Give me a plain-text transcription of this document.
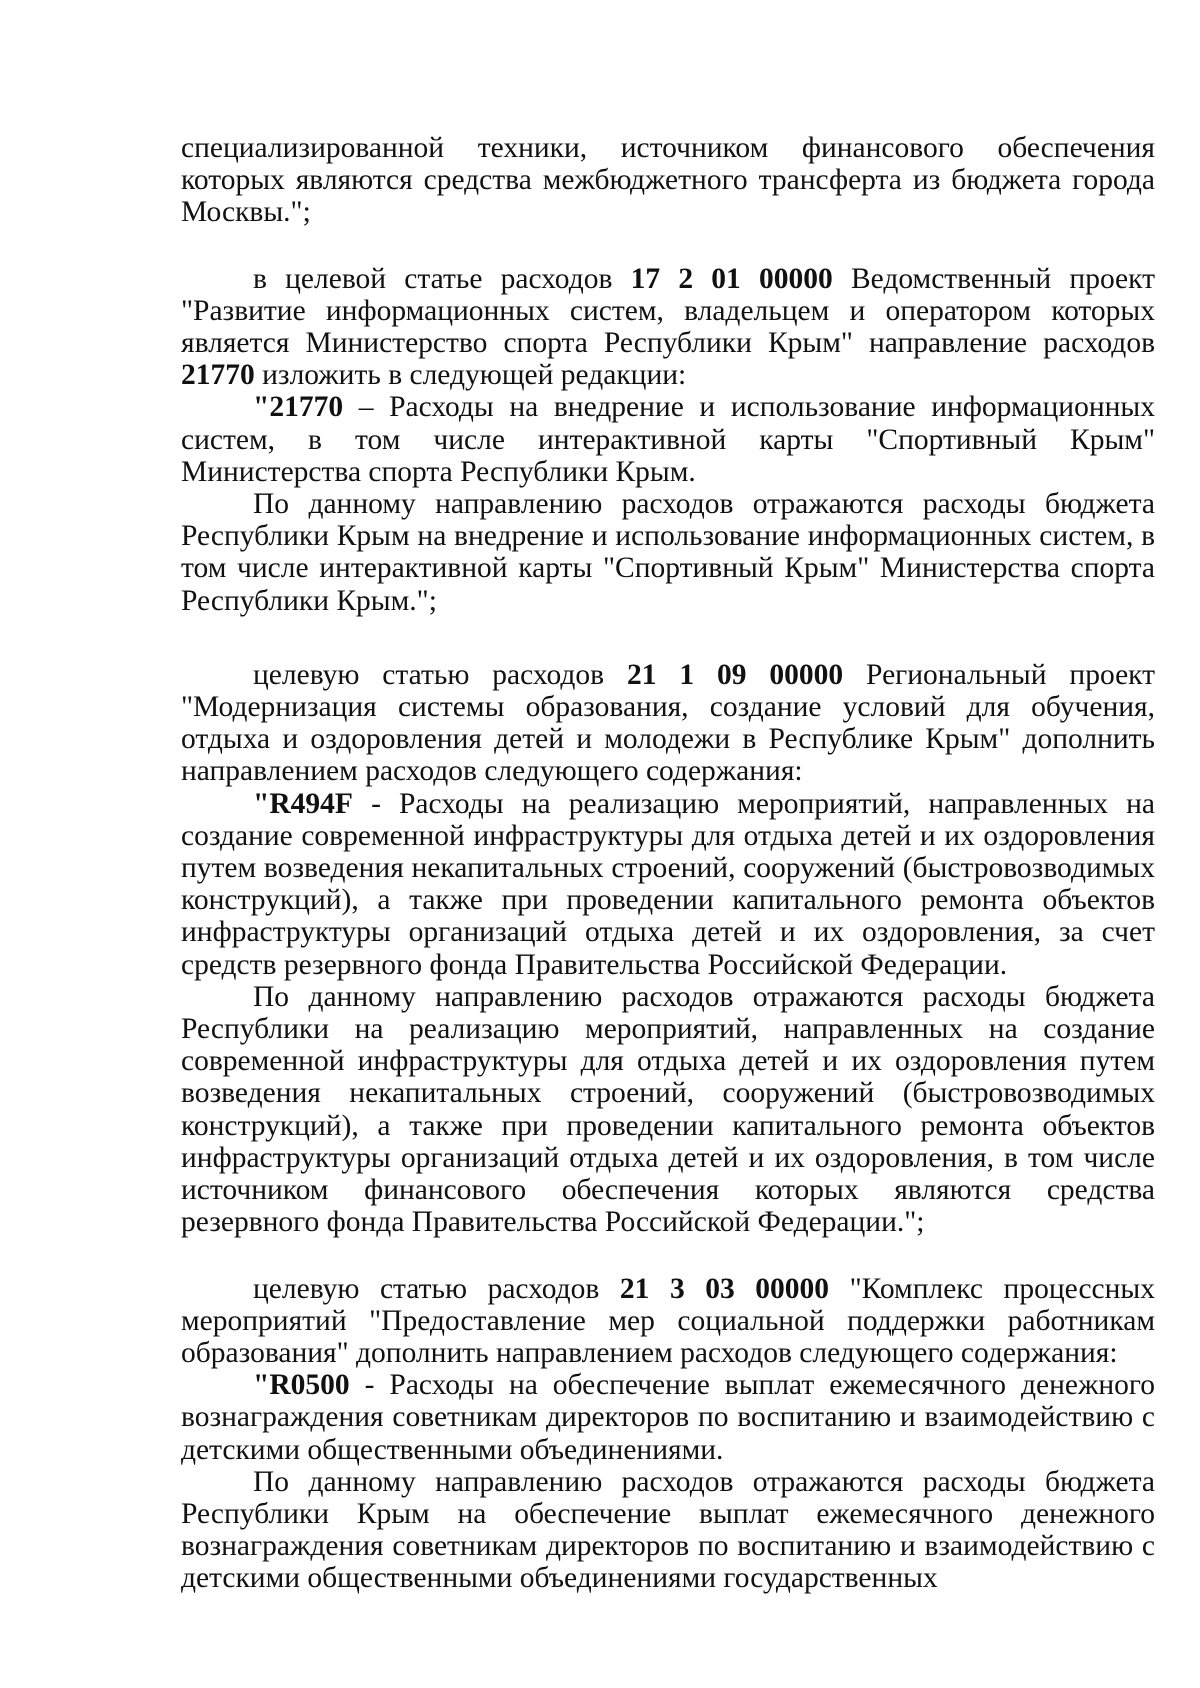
специализированной техники, источником финансового обеспечения которых являются средства межбюджетного трансферта из бюджета города Москвы.";

в целевой статье расходов 17 2 01 00000 Ведомственный проект "Развитие информационных систем, владельцем и оператором которых является Министерство спорта Республики Крым" направление расходов 21770 изложить в следующей редакции:

"21770 – Расходы на внедрение и использование информационных систем, в том числе интерактивной карты "Спортивный Крым" Министерства спорта Республики Крым.

По данному направлению расходов отражаются расходы бюджета Республики Крым на внедрение и использование информационных систем, в том числе интерактивной карты "Спортивный Крым" Министерства спорта Республики Крым.";

целевую статью расходов 21 1 09 00000 Региональный проект "Модернизация системы образования, создание условий для обучения, отдыха и оздоровления детей и молодежи в Республике Крым" дополнить направлением расходов следующего содержания:

"R494F - Расходы на реализацию мероприятий, направленных на создание современной инфраструктуры для отдыха детей и их оздоровления путем возведения некапитальных строений, сооружений (быстровозводимых конструкций), а также при проведении капитального ремонта объектов инфраструктуры организаций отдыха детей и их оздоровления, за счет средств резервного фонда Правительства Российской Федерации.

По данному направлению расходов отражаются расходы бюджета Республики на реализацию мероприятий, направленных на создание современной инфраструктуры для отдыха детей и их оздоровления путем возведения некапитальных строений, сооружений (быстровозводимых конструкций), а также при проведении капитального ремонта объектов инфраструктуры организаций отдыха детей и их оздоровления, в том числе источником финансового обеспечения которых являются средства резервного фонда Правительства Российской Федерации.";

целевую статью расходов 21 3 03 00000 "Комплекс процессных мероприятий "Предоставление мер социальной поддержки работникам образования" дополнить направлением расходов следующего содержания:

"R0500 - Расходы на обеспечение выплат ежемесячного денежного вознаграждения советникам директоров по воспитанию и взаимодействию с детскими общественными объединениями.

По данному направлению расходов отражаются расходы бюджета Республики Крым на обеспечение выплат ежемесячного денежного вознаграждения советникам директоров по воспитанию и взаимодействию с детскими общественными объединениями государственных
